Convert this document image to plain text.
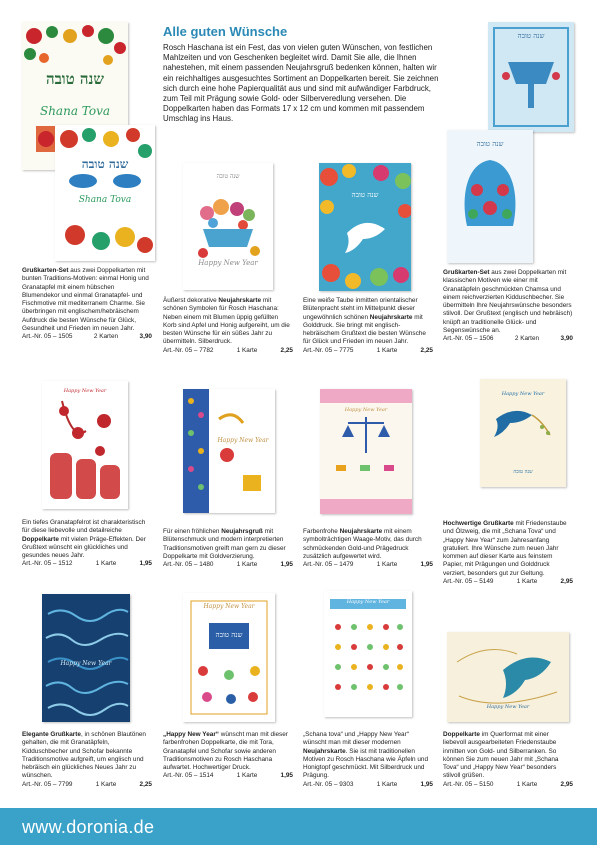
Alle guten Wünsche
Rosch Haschana ist ein Fest, das von vielen guten Wünschen, von festlichen Mahlzeiten und von Geschenken begleitet wird. Damit Sie alle, die Ihnen nahestehen, mit einem passenden Neujahrsgruß bedenken können, halten wir ein reichhaltiges ausgesuchtes Sortiment an Doppelkarten bereit. Sie zeichnen sich durch eine hohe Papierqualität aus und sind mit aufwändiger Farbdruck, zum Teil mit Prägung sowie Gold- oder Silberveredlung versehen. Die Doppelkarten haben das Formats 17 x 12 cm und kommen mit passendem Umschlag ins Haus.
שנה טובה
Shana Tova
שנה טובה
Shana Tova
שנה טובה
Happy New Year
שנה טובה
שנה טובה
שנה טובה
Grußkarten-Set aus zwei Doppelkarten mit bunten Traditions-Motiven: einmal Honig und Granatapfel mit einem hübschen Blumendekor und einmal Granatapfel- und Fischmotive mit mediterranem Charme. Sie überbringen mit englischem/hebräischem Aufdruck die besten Wünsche für Glück, Gesundheit und Frieden im neuen Jahr.
Art.-Nr. 05 – 1505	2 Karten	3,90
Äußerst dekorative Neujahrskarte mit schönen Symbolen für Rosch Haschana: Neben einem mit Blumen üppig gefüllten Korb sind Apfel und Honig aufgereiht, um die besten Wünsche für ein süßes Jahr zu übermitteln. Silberdruck.
Art.-Nr. 05 – 7782	1 Karte	2,25
Eine weiße Taube inmitten orientalischer Blütenpracht steht im Mittelpunkt dieser ungewöhnlich schönen Neujahrskarte mit Golddruck. Sie bringt mit englisch-hebräischem Grußtext die besten Wünsche für Glück und Frieden im neuen Jahr.
Art.-Nr. 05 – 7775	1 Karte	2,25
Grußkarten-Set aus zwei Doppelkarten mit klassischen Motiven wie einer mit Granatäpfeln geschmückten Chamsa und einem reichverzierten Kidduschbecher. Sie übermitteln Ihre Neujahrswünsche besonders stilvoll. Der Grußtext (englisch und hebräisch) knüpft an traditionelle Glück- und Segenswünsche an.
Art.-Nr. 05 – 1506	2 Karten	3,90
Happy New Year
Happy New Year
Happy New Year
Happy New Year
שנה טובה
Ein tiefes Granatapfelrot ist charakteristisch für diese liebevolle und detailreiche Doppelkarte mit vielen Präge-Effekten. Der Grußtext wünscht ein glückliches und gesundes neues Jahr.
Art.-Nr. 05 – 1512	1 Karte	1,95
Für einen fröhlichen Neujahrsgruß mit Blütenschmuck und modern interpretierten Traditionsmotiven greift man gern zu dieser Doppelkarte mit Goldverzierung.
Art.-Nr. 05 – 1480	1 Karte	1,95
Farbenfrohe Neujahrskarte mit einem symbolträchtigen Waage-Motiv, das durch schmückenden Gold-und Prägedruck zusätzlich aufgewertet wird.
Art.-Nr. 05 – 1479	1 Karte	1,95
Hochwertige Grußkarte mit Friedenstaube und Ölzweig, die mit „Schana Tova“ und „Happy New Year“ zum Jahresanfang gratuliert. Ihre Wünsche zum neuen Jahr kommen auf dieser Karte aus feinstem Papier, mit Prägungen und Golddruck verziert, besonders gut zur Geltung.
Art.-Nr. 05 – 5149	1 Karte	2,95
Happy New Year
Happy New Year
שנה טובה
Happy New Year
Happy New Year
Elegante Grußkarte, in schönen Blautönen gehalten, die mit Granatäpfeln, Kidduschbecher und Schofar bekannte Traditionsmotive aufgreift, um englisch und hebräisch ein glückliches Neues Jahr zu wünschen.
Art.-Nr. 05 – 7799	1 Karte	2,25
„Happy New Year“ wünscht man mit dieser farbenfrohen Doppelkarte, die mit Tora, Granatapfel und Schofar sowie anderen Traditionsmotiven zu Rosch Haschana aufwartet. Hochwertiger Druck.
Art.-Nr. 05 – 1514	1 Karte	1,95
„Schana tova“ und „Happy New Year“ wünscht man mit dieser modernen Neujahrskarte. Sie ist mit traditionellen Motiven zu Rosch Haschana wie Äpfeln und Honigtopf geschmückt. Mit Silberdruck und Prägung.
Art.-Nr. 05 – 9303	1 Karte	1,95
Doppelkarte im Querformat mit einer liebevoll ausgearbeiteten Friedenstaube inmitten von Gold- und Silberranken. So können Sie zum neuen Jahr mit „Schana Tova“ und „Happy New Year“ besonders stilvoll grüßen.
Art.-Nr. 05 – 5150	1 Karte	2,95
www.doronia.de
